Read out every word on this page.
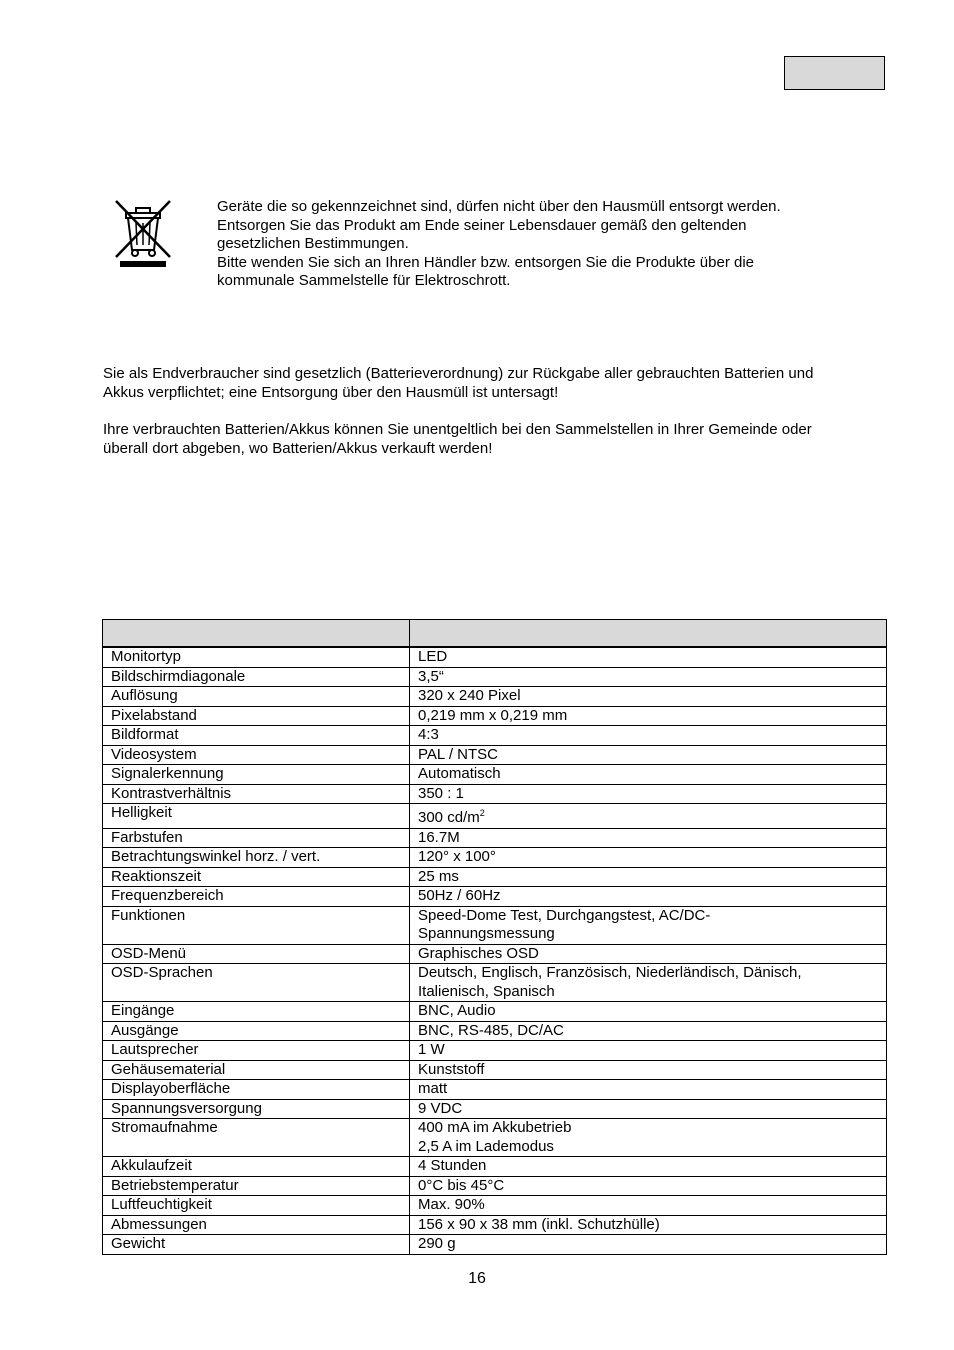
Geräte die so gekennzeichnet sind, dürfen nicht über den Hausmüll entsorgt werden.
Entsorgen Sie das Produkt am Ende seiner Lebensdauer gemäß den geltenden
gesetzlichen Bestimmungen.
Bitte wenden Sie sich an Ihren Händler bzw. entsorgen Sie die Produkte über die
kommunale Sammelstelle für Elektroschrott.
Sie als Endverbraucher sind gesetzlich (Batterieverordnung) zur Rückgabe aller gebrauchten Batterien und
Akkus verpflichtet; eine Entsorgung über den Hausmüll ist untersagt!
Ihre verbrauchten Batterien/Akkus können Sie unentgeltlich bei den Sammelstellen in Ihrer Gemeinde oder
überall dort abgeben, wo Batterien/Akkus verkauft werden!

Monitortyp	LED
Bildschirmdiagonale	3,5“
Auflösung	320 x 240 Pixel
Pixelabstand	0,219 mm x 0,219 mm
Bildformat	4:3
Videosystem	PAL / NTSC
Signalerkennung	Automatisch
Kontrastverhältnis	350 : 1
Helligkeit	300 $cd/m^2$
Farbstufen	16.7M
Betrachtungswinkel horz. / vert.	120° x 100°
Reaktionszeit	25 ms
Frequenzbereich	50Hz / 60Hz
Funktionen	Speed-Dome Test, Durchgangstest, AC/DC-
Spannungsmessung

OSD-Menü	Graphisches OSD
OSD-Sprachen	Deutsch, Englisch, Französisch, Niederländisch, Dänisch,
Italienisch, Spanisch

Eingänge	BNC, Audio
Ausgänge	BNC, RS-485, DC/AC
Lautsprecher	1 W
Gehäusematerial	Kunststoff
Displayoberfläche	matt
Spannungsversorgung	9 VDC
Stromaufnahme	400 mA im Akkubetrieb
2,5 A im Lademodus

Akkulaufzeit	4 Stunden
Betriebstemperatur	0°C bis 45°C
Luftfeuchtigkeit	Max. 90%
Abmessungen	156 x 90 x 38 mm (inkl. Schutzhülle)
Gewicht	290 g
16
